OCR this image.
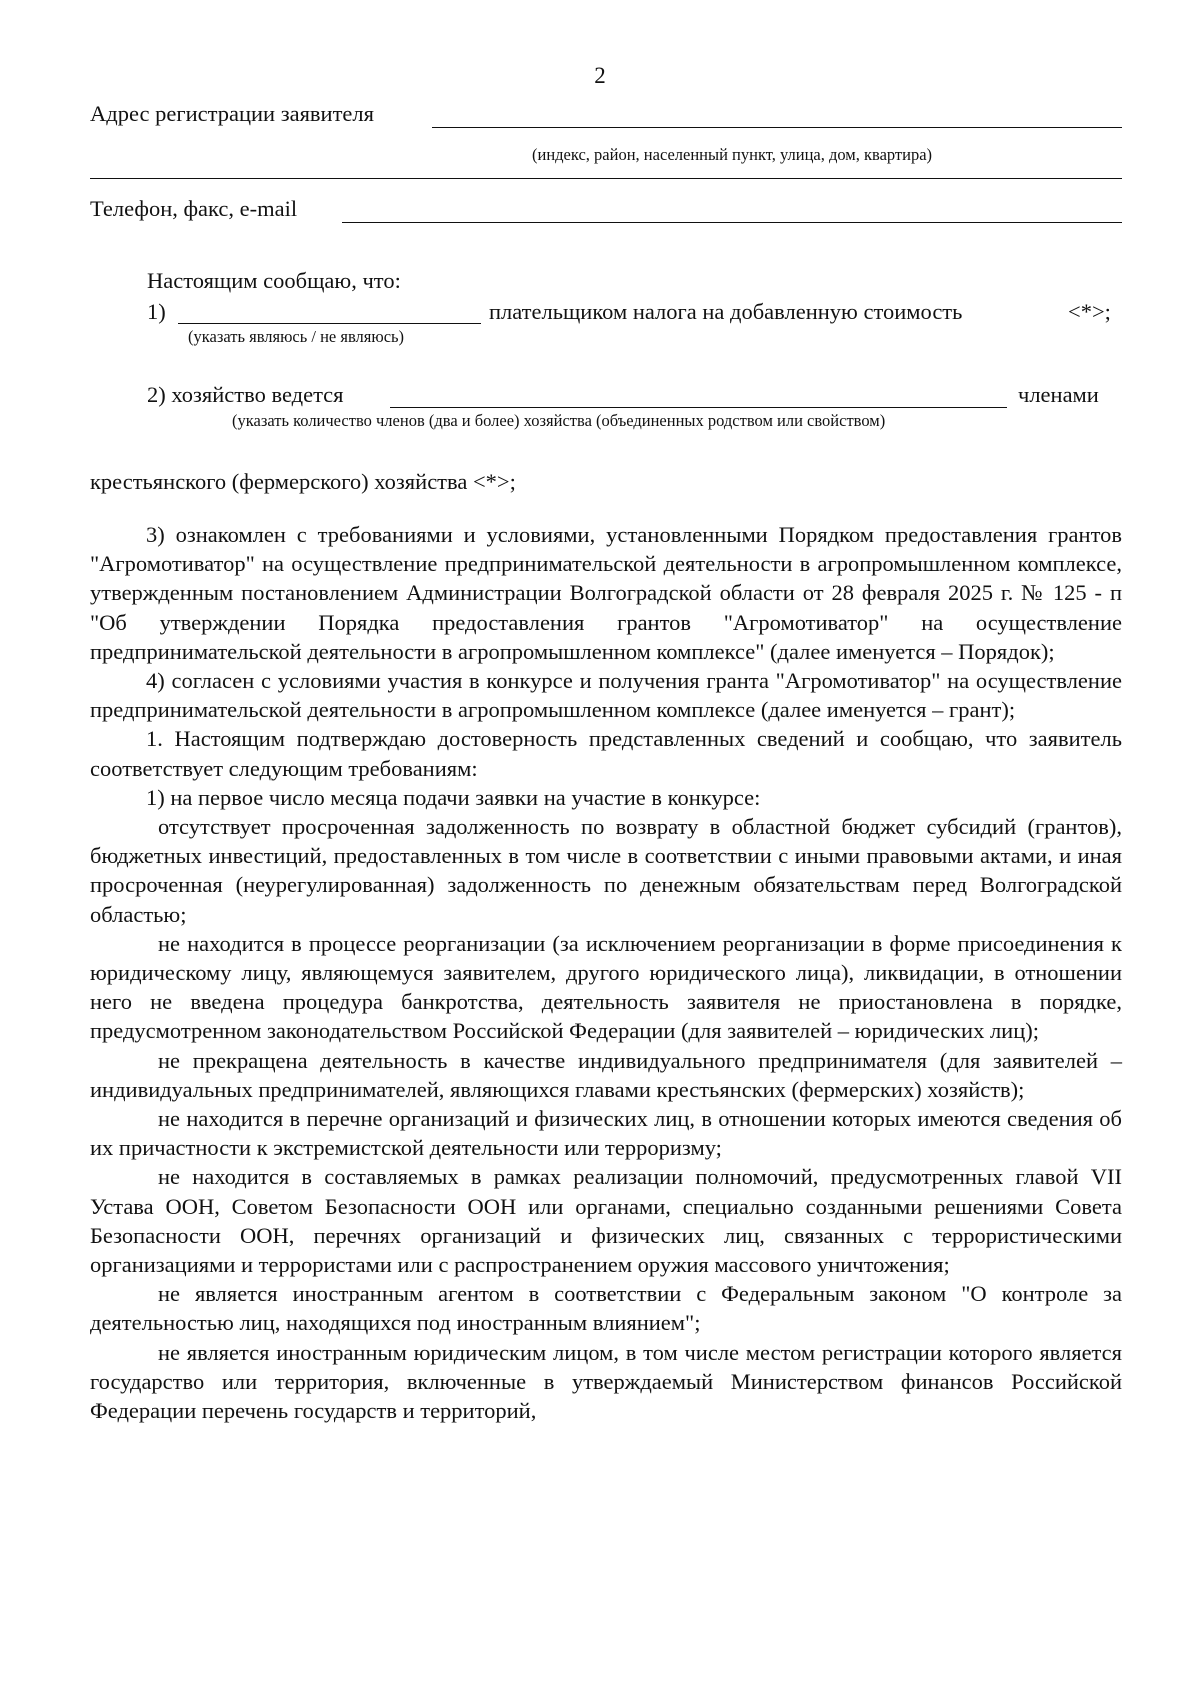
2
Адрес регистрации заявителя
(индекс, район, населенный пункт, улица, дом, квартира)
Телефон, факс, e-mail
Настоящим сообщаю, что:
1)	плательщиком налога на добавленную стоимость	<*>;
(указать являюсь / не являюсь)
2) хозяйство ведется	членами
(указать количество членов (два и более) хозяйства (объединенных родством или свойством)
крестьянского (фермерского) хозяйства <*>;

3) ознакомлен с требованиями и условиями, установленными Порядком предоставления грантов "Агромотиватор" на осуществление предпринимательской деятельности в агропромышленном комплексе, утвержденным постановлением Администрации Волгоградской области от 28 февраля 2025 г. № 125 - п "Об утверждении Порядка предоставления грантов "Агромотиватор" на осуществление предпринимательской деятельности в агропромышленном комплексе" (далее именуется – Порядок);

4) согласен с условиями участия в конкурсе и получения гранта "Агромотиватор" на осуществление предпринимательской деятельности в агропромышленном комплексе (далее именуется – грант);

1. Настоящим подтверждаю достоверность представленных сведений и сообщаю, что заявитель соответствует следующим требованиям:

1) на первое число месяца подачи заявки на участие в конкурсе:

отсутствует просроченная задолженность по возврату в областной бюджет субсидий (грантов), бюджетных инвестиций, предоставленных в том числе в соответствии с иными правовыми актами, и иная просроченная (неурегулированная) задолженность по денежным обязательствам перед Волгоградской областью;

не находится в процессе реорганизации (за исключением реорганизации в форме присоединения к юридическому лицу, являющемуся заявителем, другого юридического лица), ликвидации, в отношении него не введена процедура банкротства, деятельность заявителя не приостановлена в порядке, предусмотренном законодательством Российской Федерации (для заявителей – юридических лиц);

не прекращена деятельность в качестве индивидуального предпринимателя (для заявителей – индивидуальных предпринимателей, являющихся главами крестьянских (фермерских) хозяйств);

не находится в перечне организаций и физических лиц, в отношении которых имеются сведения об их причастности к экстремистской деятельности или терроризму;

не находится в составляемых в рамках реализации полномочий, предусмотренных главой VII Устава ООН, Советом Безопасности ООН или органами, специально созданными решениями Совета Безопасности ООН, перечнях организаций и физических лиц, связанных с террористическими организациями и террористами или с распространением оружия массового уничтожения;

не является иностранным агентом в соответствии с Федеральным законом "О контроле за деятельностью лиц, находящихся под иностранным влиянием";

не является иностранным юридическим лицом, в том числе местом регистрации которого является государство или территория, включенные в утверждаемый Министерством финансов Российской Федерации перечень государств и территорий,
